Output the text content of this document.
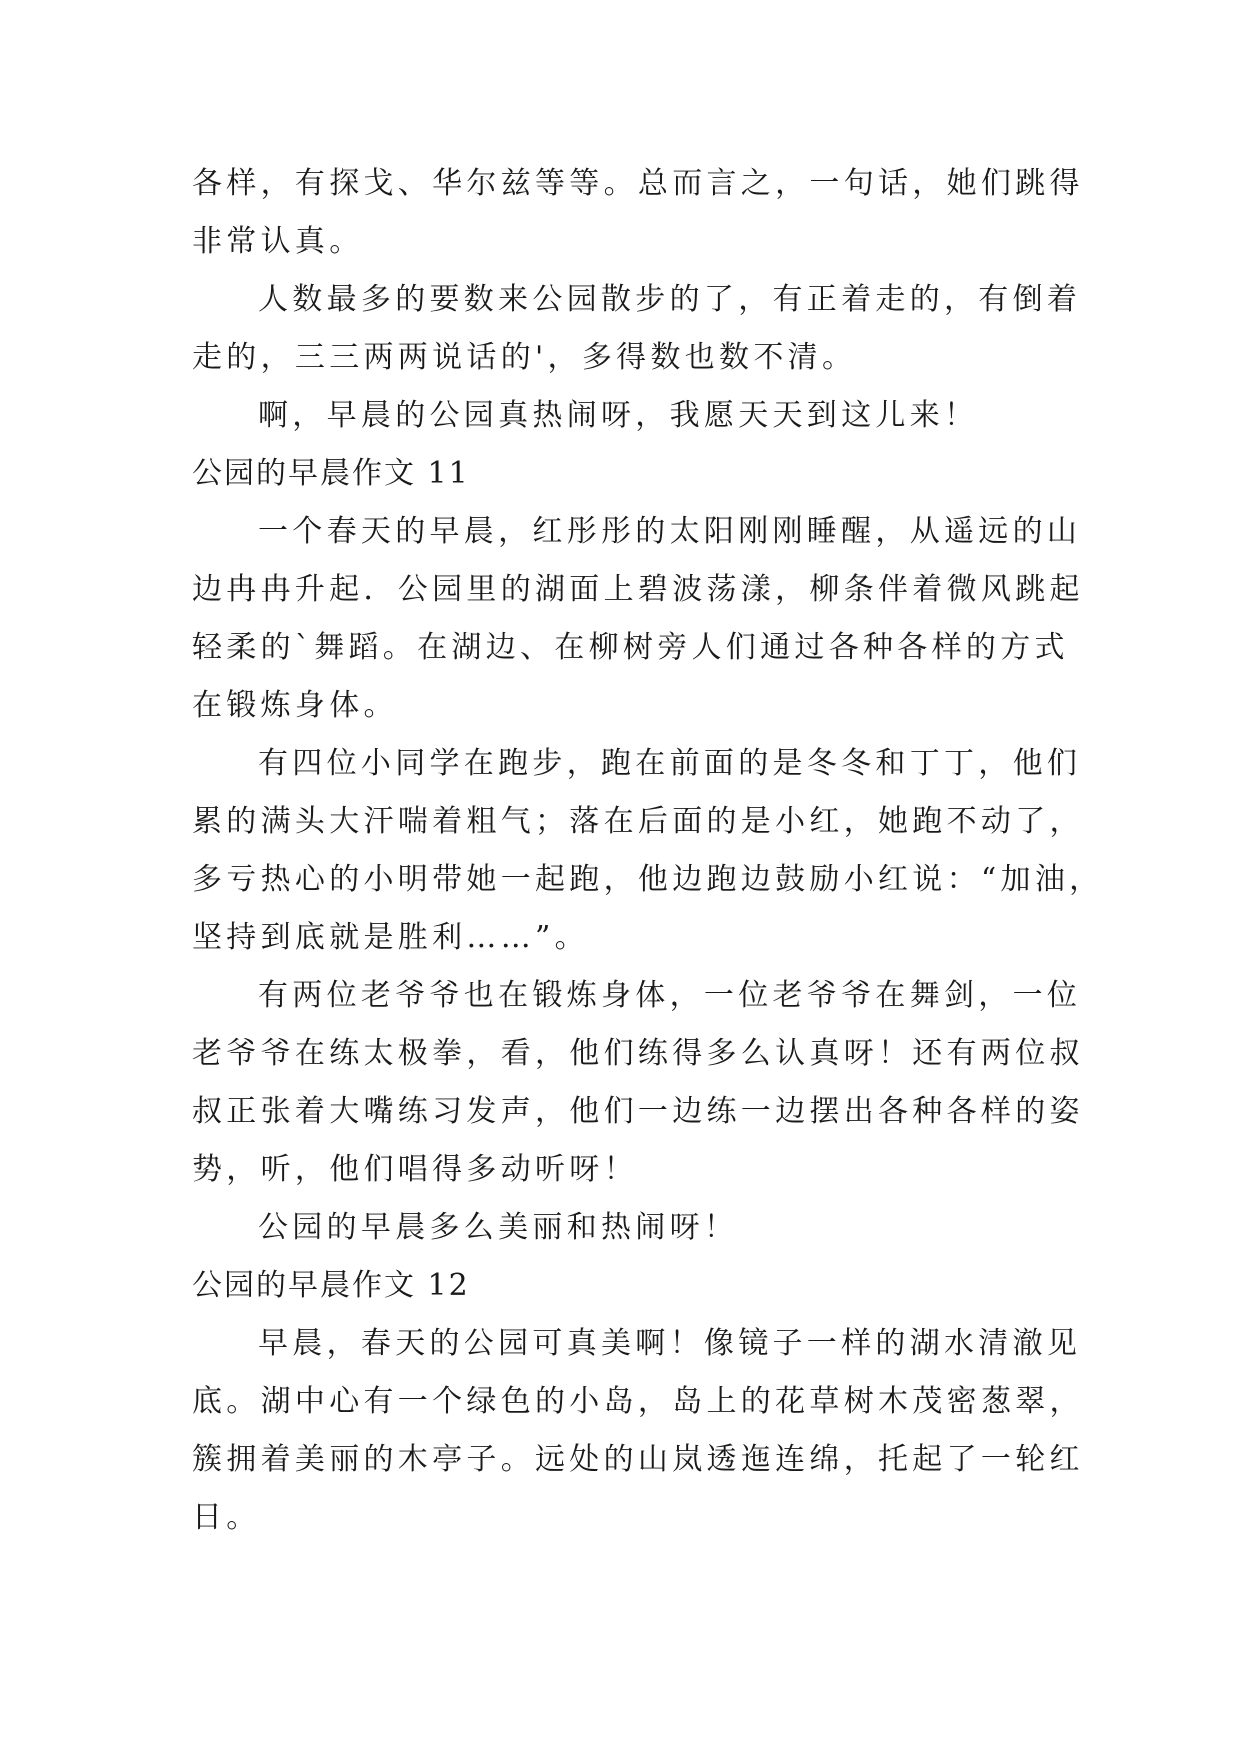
各样，有探戈、华尔兹等等。总而言之，一句话，她们跳得
非常认真。
人数最多的要数来公园散步的了，有正着走的，有倒着
走的，三三两两说话的'，多得数也数不清。
啊，早晨的公园真热闹呀，我愿天天到这儿来！
公园的早晨作文 11
一个春天的早晨，红彤彤的太阳刚刚睡醒，从遥远的山
边冉冉升起．公园里的湖面上碧波荡漾，柳条伴着微风跳起
轻柔的`舞蹈。在湖边、在柳树旁人们通过各种各样的方式
在锻炼身体。
有四位小同学在跑步，跑在前面的是冬冬和丁丁，他们
累的满头大汗喘着粗气；落在后面的是小红，她跑不动了，
多亏热心的小明带她一起跑，他边跑边鼓励小红说：“加油，
坚持到底就是胜利……”。
有两位老爷爷也在锻炼身体，一位老爷爷在舞剑，一位
老爷爷在练太极拳，看，他们练得多么认真呀！还有两位叔
叔正张着大嘴练习发声，他们一边练一边摆出各种各样的姿
势，听，他们唱得多动听呀！
公园的早晨多么美丽和热闹呀！
公园的早晨作文 12
早晨，春天的公园可真美啊！像镜子一样的湖水清澈见
底。湖中心有一个绿色的小岛，岛上的花草树木茂密葱翠，
簇拥着美丽的木亭子。远处的山岚透迤连绵，托起了一轮红
日。
